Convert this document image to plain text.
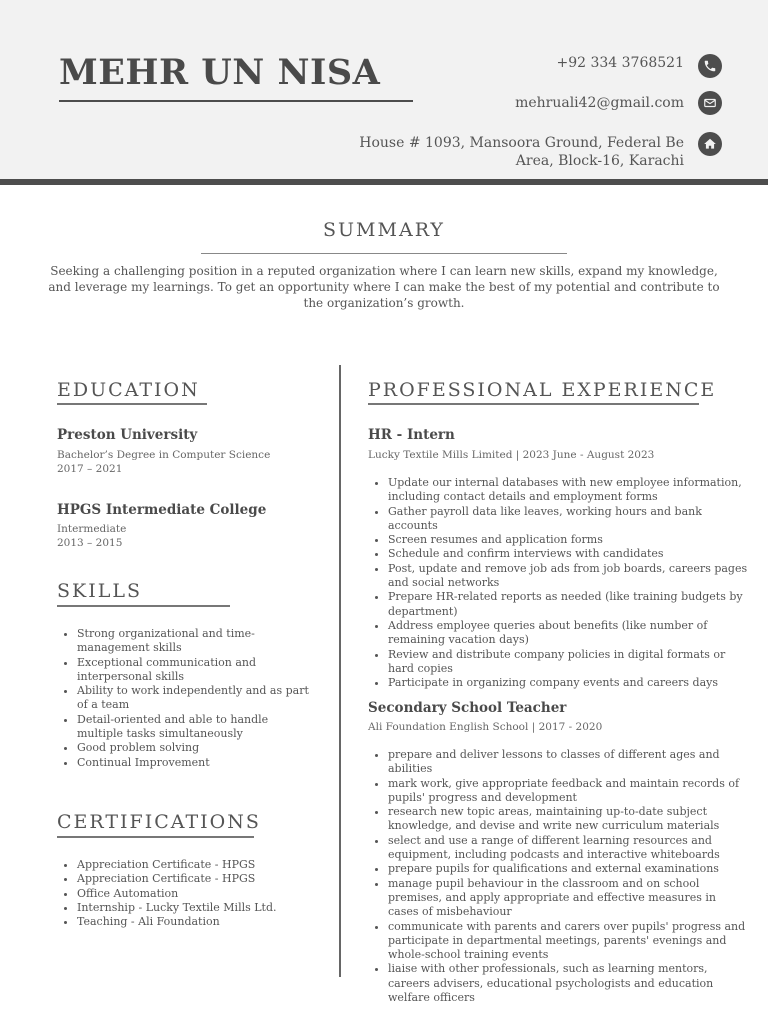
MEHR UN NISA	+92 334 3768521
mehruali42@gmail.com
House # 1093, Mansoora Ground, Federal Be
Area, Block-16, Karachi
SUMMARY
Seeking a challenging position in a reputed organization where I can learn new skills, expand my knowledge, and leverage my learnings. To get an opportunity where I can make the best of my potential and contribute to the organization’s growth.
EDUCATION
Preston University
Bachelor’s Degree in Computer Science
2017 – 2021
HPGS Intermediate College
Intermediate
2013 – 2015
SKILLS
• Strong organizational and time-management skills
• Exceptional communication and interpersonal skills
• Ability to work independently and as part of a team
• Detail-oriented and able to handle multiple tasks simultaneously
• Good problem solving
• Continual Improvement
CERTIFICATIONS
• Appreciation Certificate - HPGS
• Appreciation Certificate - HPGS
• Office Automation
• Internship - Lucky Textile Mills Ltd.
• Teaching - Ali Foundation
PROFESSIONAL EXPERIENCE
HR - Intern
Lucky Textile Mills Limited | 2023 June - August 2023
• Update our internal databases with new employee information, including contact details and employment forms
• Gather payroll data like leaves, working hours and bank accounts
• Screen resumes and application forms
• Schedule and confirm interviews with candidates
• Post, update and remove job ads from job boards, careers pages and social networks
• Prepare HR-related reports as needed (like training budgets by department)
• Address employee queries about benefits (like number of remaining vacation days)
• Review and distribute company policies in digital formats or hard copies
• Participate in organizing company events and careers days
Secondary School Teacher
Ali Foundation English School | 2017 - 2020
• prepare and deliver lessons to classes of different ages and abilities
• mark work, give appropriate feedback and maintain records of pupils' progress and development
• research new topic areas, maintaining up-to-date subject knowledge, and devise and write new curriculum materials
• select and use a range of different learning resources and equipment, including podcasts and interactive whiteboards
• prepare pupils for qualifications and external examinations
• manage pupil behaviour in the classroom and on school premises, and apply appropriate and effective measures in cases of misbehaviour
• communicate with parents and carers over pupils' progress and participate in departmental meetings, parents' evenings and whole-school training events
• liaise with other professionals, such as learning mentors, careers advisers, educational psychologists and education welfare officers
